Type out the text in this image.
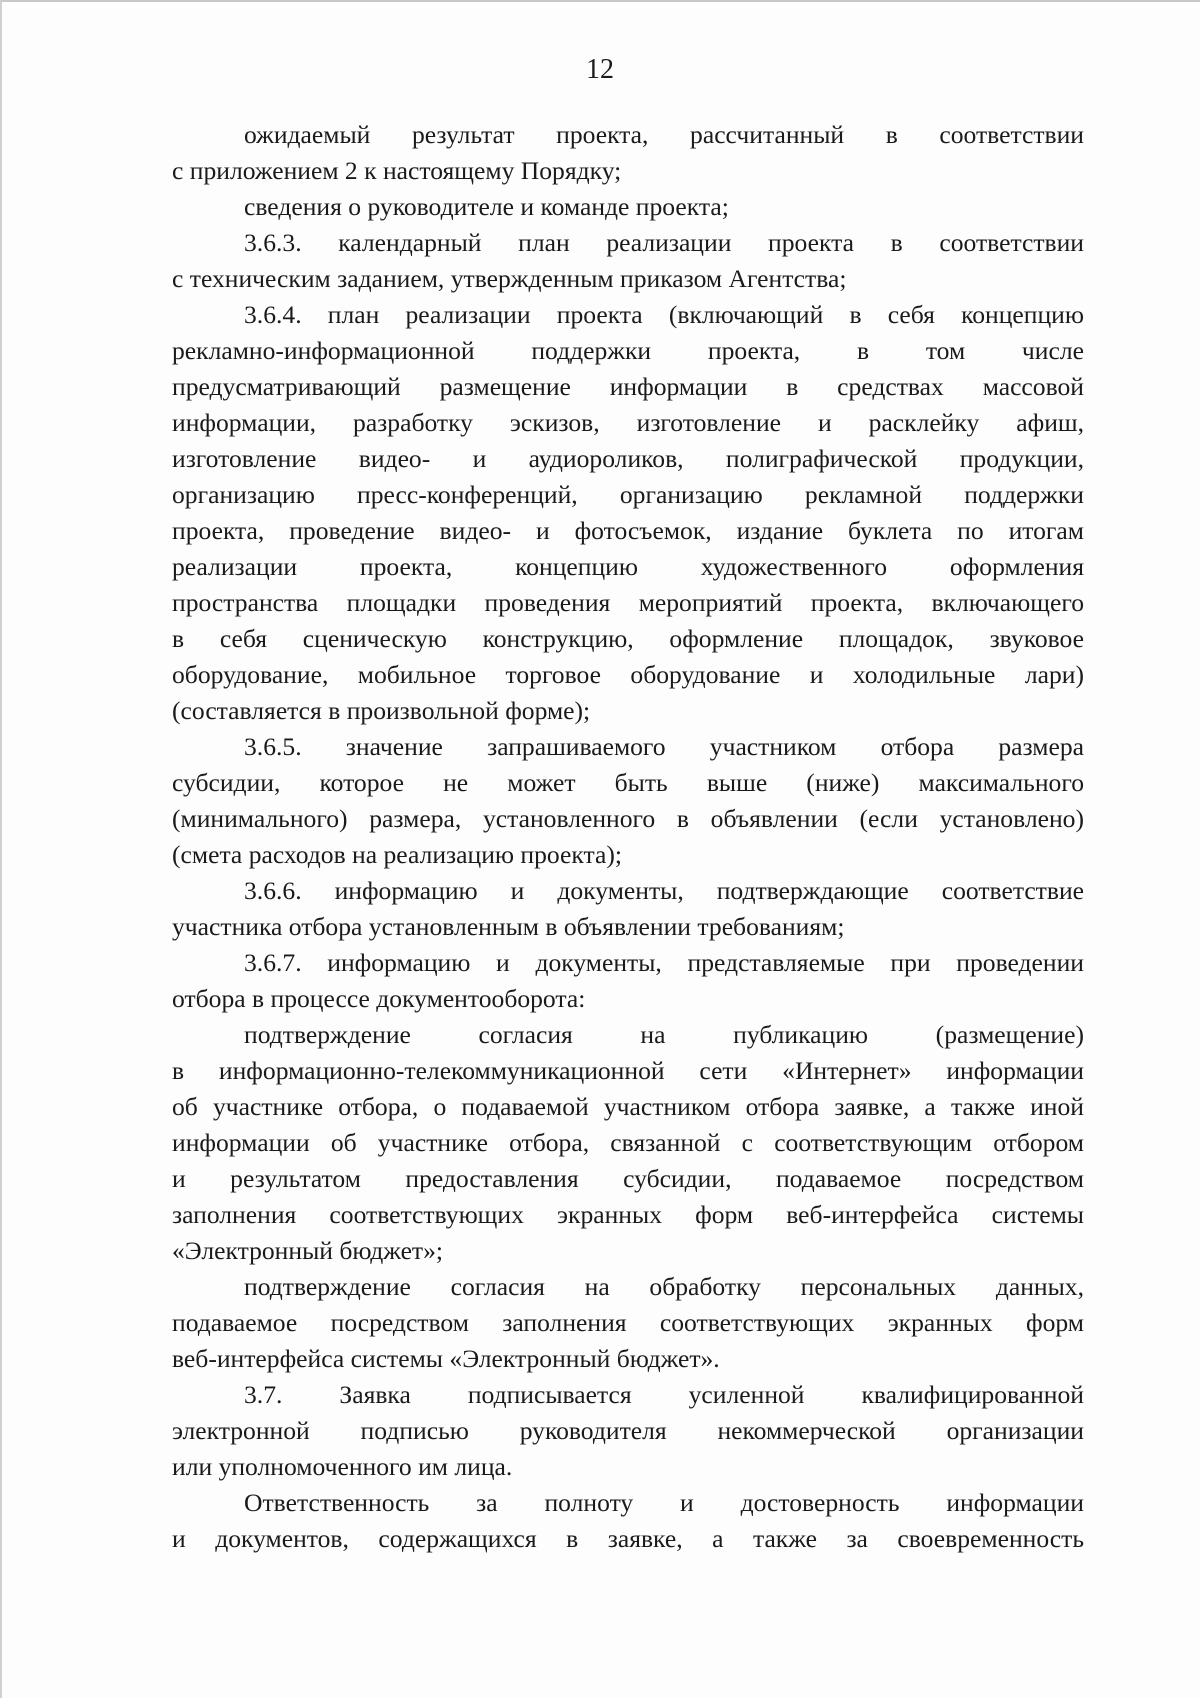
12
ожидаемый результат проекта, рассчитанный в соответствии
с приложением 2 к настоящему Порядку;
сведения о руководителе и команде проекта;
3.6.3. календарный план реализации проекта в соответствии
с техническим заданием, утвержденным приказом Агентства;
3.6.4. план реализации проекта (включающий в себя концепцию
рекламно-информационной поддержки проекта, в том числе
предусматривающий размещение информации в средствах массовой
информации, разработку эскизов, изготовление и расклейку афиш,
изготовление видео- и аудиороликов, полиграфической продукции,
организацию пресс-конференций, организацию рекламной поддержки
проекта, проведение видео- и фотосъемок, издание буклета по итогам
реализации проекта, концепцию художественного оформления
пространства площадки проведения мероприятий проекта, включающего
в себя сценическую конструкцию, оформление площадок, звуковое
оборудование, мобильное торговое оборудование и холодильные лари)
(составляется в произвольной форме);
3.6.5. значение запрашиваемого участником отбора размера
субсидии, которое не может быть выше (ниже) максимального
(минимального) размера, установленного в объявлении (если установлено)
(смета расходов на реализацию проекта);
3.6.6. информацию и документы, подтверждающие соответствие
участника отбора установленным в объявлении требованиям;
3.6.7. информацию и документы, представляемые при проведении
отбора в процессе документооборота:
подтверждение согласия на публикацию (размещение)
в информационно-телекоммуникационной сети «Интернет» информации
об участнике отбора, о подаваемой участником отбора заявке, а также иной
информации об участнике отбора, связанной с соответствующим отбором
и результатом предоставления субсидии, подаваемое посредством
заполнения соответствующих экранных форм веб-интерфейса системы
«Электронный бюджет»;
подтверждение согласия на обработку персональных данных,
подаваемое посредством заполнения соответствующих экранных форм
веб-интерфейса системы «Электронный бюджет».
3.7. Заявка подписывается усиленной квалифицированной
электронной подписью руководителя некоммерческой организации
или уполномоченного им лица.
Ответственность за полноту и достоверность информации
и документов, содержащихся в заявке, а также за своевременность
